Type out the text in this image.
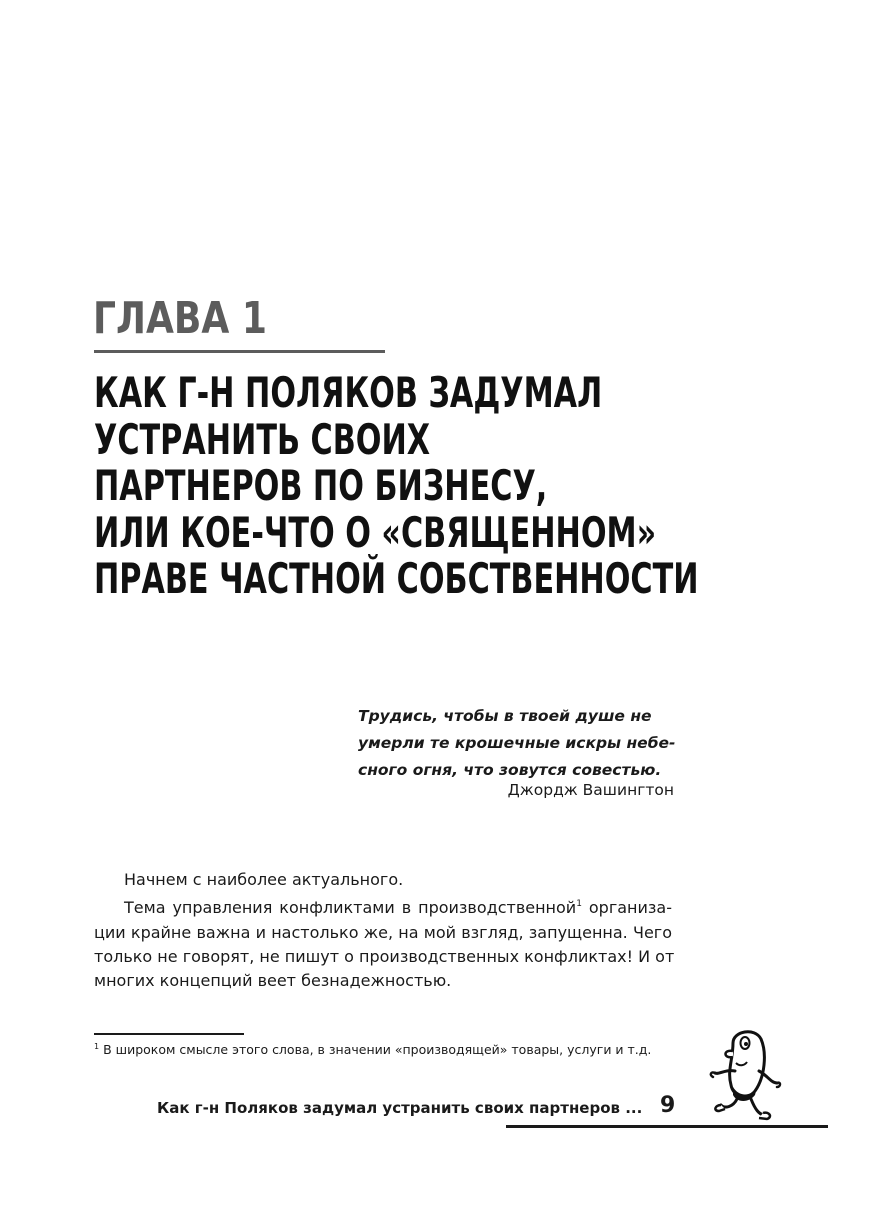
ГЛАВА 1
КАК Г-Н ПОЛЯКОВ ЗАДУМАЛ
УСТРАНИТЬ СВОИХ
ПАРТНЕРОВ ПО БИЗНЕСУ,
ИЛИ КОЕ-ЧТО О «СВЯЩЕННОМ»
ПРАВЕ ЧАСТНОЙ СОБСТВЕННОСТИ
Трудись, чтобы в твоей душе не
умерли те крошечные искры небе-
сного огня, что зовутся совестью.
Джордж Вашингтон
Начнем с наиболее актуального.
Тема управления конфликтами в производственной$^1$ организа-
ции крайне важна и настолько же, на мой взгляд, запущенна. Чего
только не говорят, не пишут о производственных конфликтах! И от
многих концепций веет безнадежностью.
$^1$ В широком смысле этого слова, в значении «производящей» товары, услуги и т.д.
Как г-н Поляков задумал устранить своих партнеров ... 9
